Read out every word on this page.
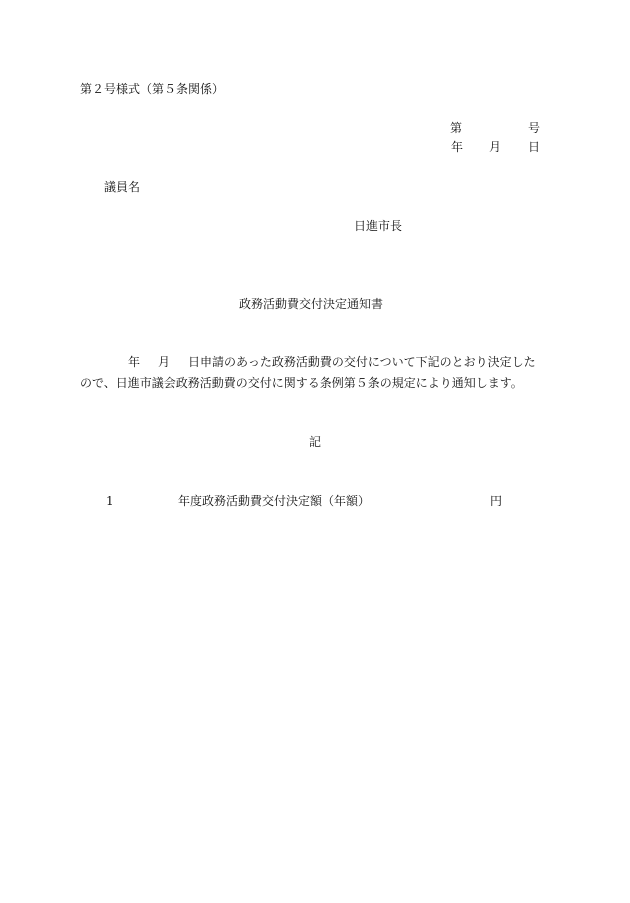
第２号様式（第５条関係）
第	号
年 月 日
議員名
日進市長
政務活動費交付決定通知書
年 月 日申請のあった政務活動費の交付について下記のとおり決定した
ので、日進市議会政務活動費の交付に関する条例第５条の規定により通知します。
記
1	年度政務活動費交付決定額（年額）	円
